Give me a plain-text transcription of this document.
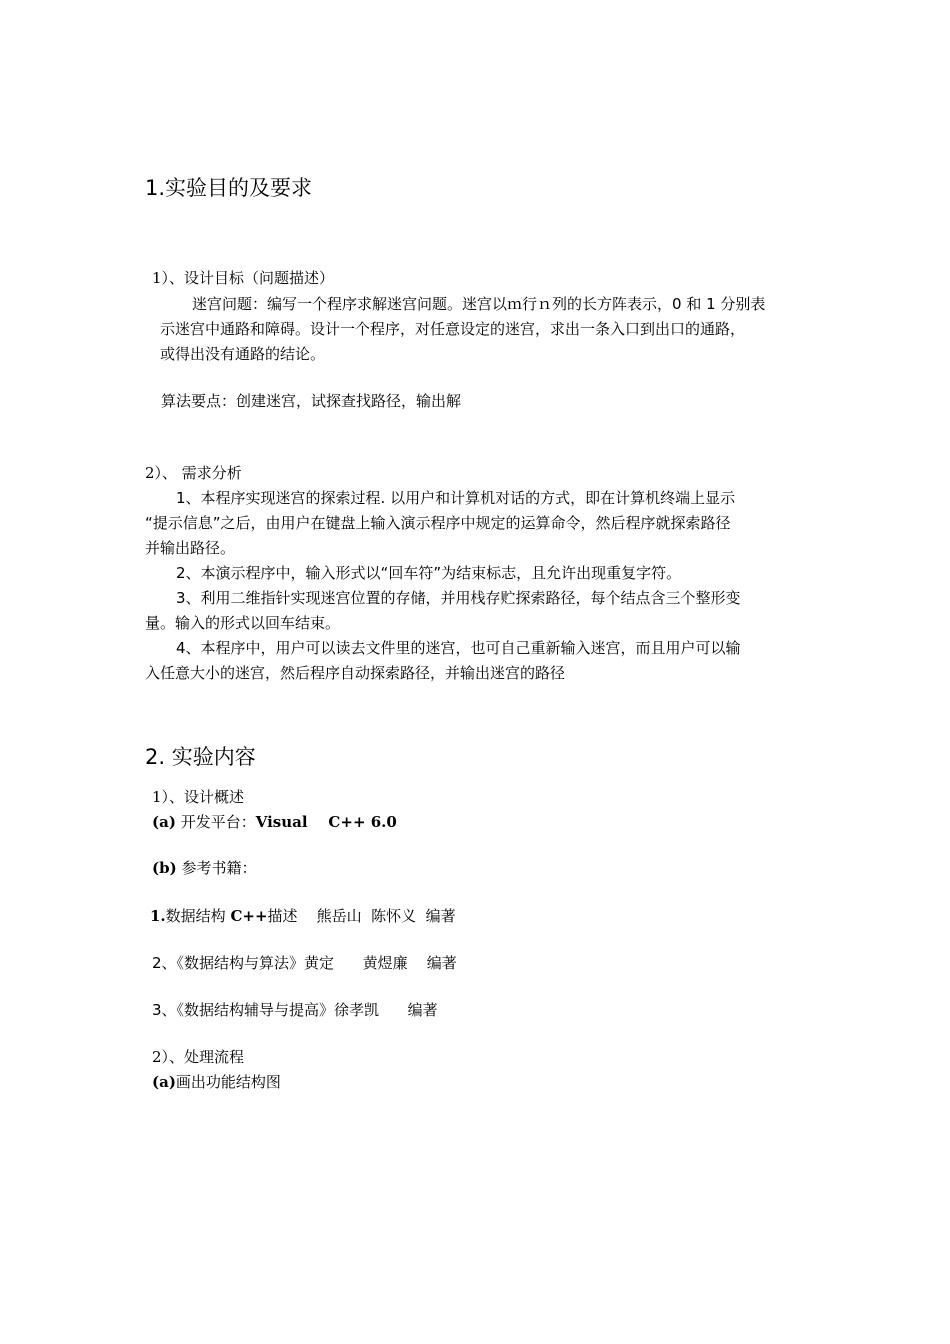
1.实验目的及要求
1）、设计目标（问题描述）
迷宫问题：编写一个程序求解迷宫问题。迷宫以ｍ行ｎ列的长方阵表示，0 和 1 分别表
示迷宫中通路和障碍。设计一个程序，对任意设定的迷宫，求出一条入口到出口的通路，
或得出没有通路的结论。
算法要点：创建迷宫，试探查找路径，输出解
2）、 需求分析
1、本程序实现迷宫的探索过程. 以用户和计算机对话的方式，即在计算机终端上显示
“提示信息”之后，由用户在键盘上输入演示程序中规定的运算命令，然后程序就探索路径
并输出路径。
2、本演示程序中，输入形式以“回车符”为结束标志，且允许出现重复字符。
3、利用二维指针实现迷宫位置的存储，并用栈存贮探索路径，每个结点含三个整形变
量。输入的形式以回车结束。
4、本程序中，用户可以读去文件里的迷宫，也可自己重新输入迷宫，而且用户可以输
入任意大小的迷宫，然后程序自动探索路径，并输出迷宫的路径
2. 实验内容
1）、设计概述
(a) 开发平台：Visual    C++ 6.0
(b) 参考书籍：
1.数据结构 C++描述    熊岳山  陈怀义  编著
2、《数据结构与算法》黄定      黄煜廉    编著
3、《数据结构辅导与提高》徐孝凯      编著
2）、处理流程
(a)画出功能结构图
